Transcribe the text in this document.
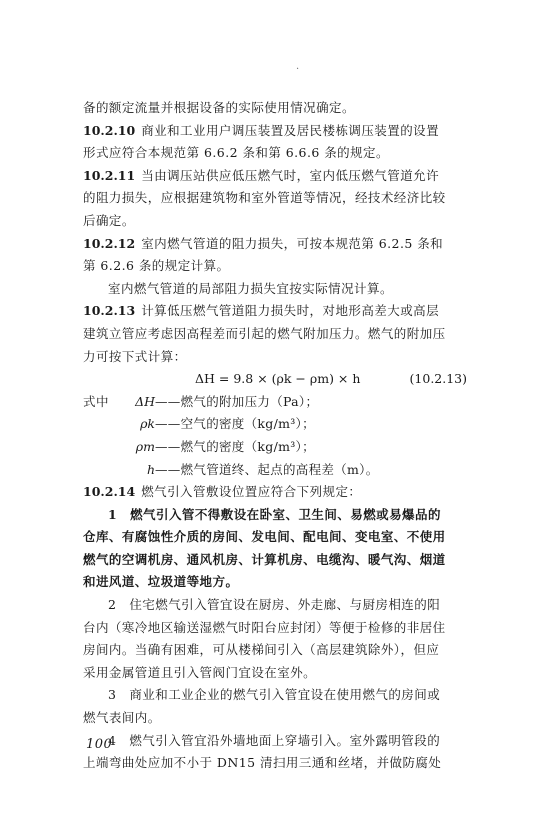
·

备的额定流量并根据设备的实际使用情况确定。

10.2.10 商业和工业用户调压装置及居民楼栋调压装置的设置

形式应符合本规范第 6.6.2 条和第 6.6.6 条的规定。

10.2.11 当由调压站供应低压燃气时，室内低压燃气管道允许

的阻力损失，应根据建筑物和室外管道等情况，经技术经济比较

后确定。

10.2.12 室内燃气管道的阻力损失，可按本规范第 6.2.5 条和

第 6.2.6 条的规定计算。

室内燃气管道的局部阻力损失宜按实际情况计算。

10.2.13 计算低压燃气管道阻力损失时，对地形高差大或高层

建筑立管应考虑因高程差而引起的燃气附加压力。燃气的附加压

力可按下式计算：

ΔH = 9.8 × (ρk − ρm) × h	(10.2.13)
式中	ΔH ——燃气的附加压力（Pa）；
ρk ——空气的密度（kg/m³）；
ρm ——燃气的密度（kg/m³）；
h ——燃气管道终、起点的高程差（m）。

10.2.14 燃气引入管敷设位置应符合下列规定：

1　燃气引入管不得敷设在卧室、卫生间、易燃或易爆品的

仓库、有腐蚀性介质的房间、发电间、配电间、变电室、不使用

燃气的空调机房、通风机房、计算机房、电缆沟、暖气沟、烟道

和进风道、垃圾道等地方。

2　住宅燃气引入管宜设在厨房、外走廊、与厨房相连的阳

台内（寒冷地区输送湿燃气时阳台应封闭）等便于检修的非居住

房间内。当确有困难，可从楼梯间引入（高层建筑除外），但应

采用金属管道且引入管阀门宜设在室外。

3　商业和工业企业的燃气引入管宜设在使用燃气的房间或

燃气表间内。

4　燃气引入管宜沿外墙地面上穿墙引入。室外露明管段的

上端弯曲处应加不小于 DN15 清扫用三通和丝堵，并做防腐处

100
